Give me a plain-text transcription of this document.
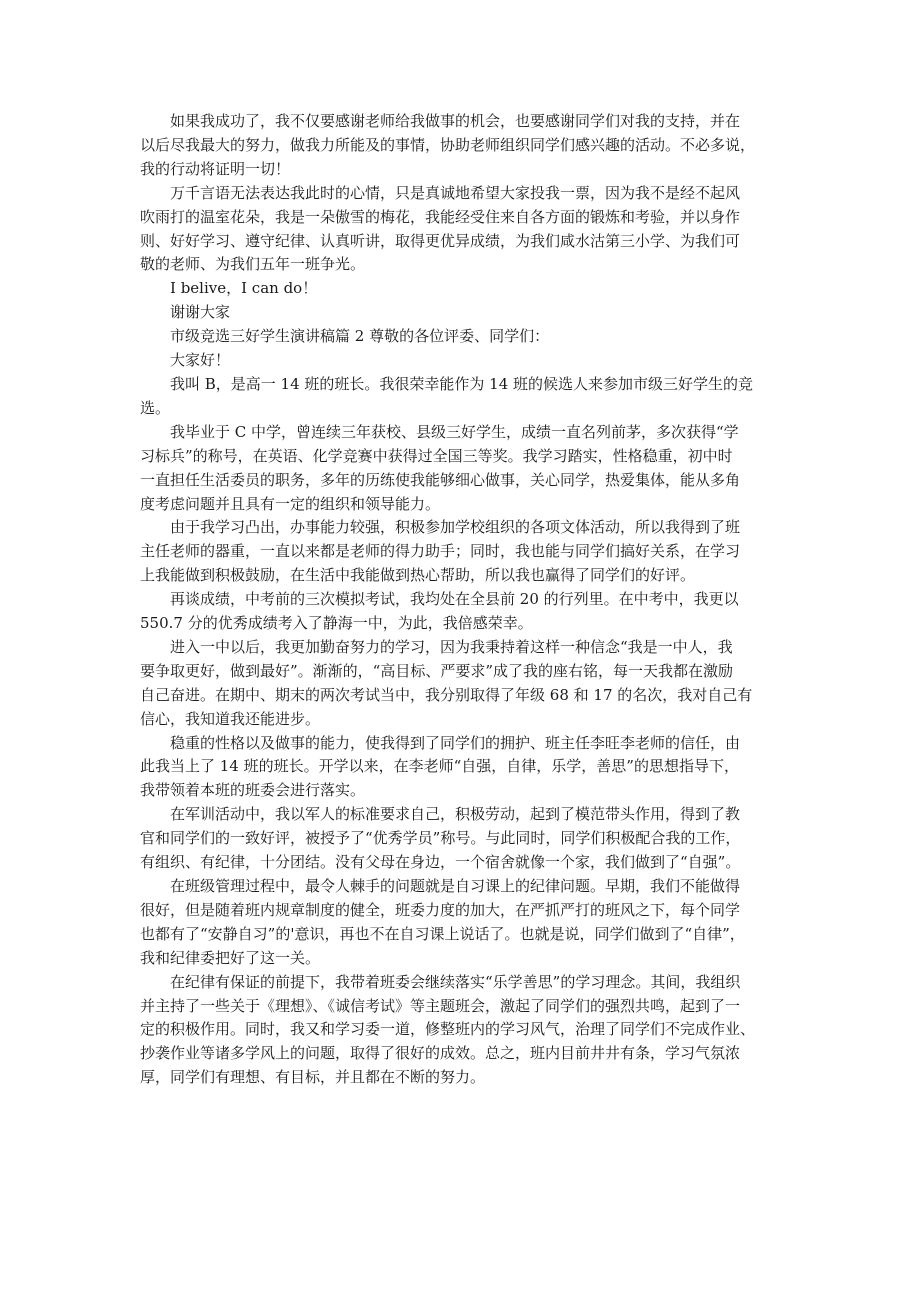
如果我成功了，我不仅要感谢老师给我做事的机会，也要感谢同学们对我的支持，并在
以后尽我最大的努力，做我力所能及的事情，协助老师组织同学们感兴趣的活动。不必多说，
我的行动将证明一切！
万千言语无法表达我此时的心情，只是真诚地希望大家投我一票，因为我不是经不起风
吹雨打的温室花朵，我是一朵傲雪的梅花，我能经受住来自各方面的锻炼和考验，并以身作
则、好好学习、遵守纪律、认真听讲，取得更优异成绩，为我们咸水沽第三小学、为我们可
敬的老师、为我们五年一班争光。
I belive，I can do！
谢谢大家
市级竞选三好学生演讲稿篇 2 尊敬的各位评委、同学们：
大家好！
我叫 B，是高一 14 班的班长。我很荣幸能作为 14 班的候选人来参加市级三好学生的竞
选。
我毕业于 C 中学，曾连续三年获校、县级三好学生，成绩一直名列前茅，多次获得“学
习标兵”的称号，在英语、化学竞赛中获得过全国三等奖。我学习踏实，性格稳重，初中时
一直担任生活委员的职务，多年的历练使我能够细心做事，关心同学，热爱集体，能从多角
度考虑问题并且具有一定的组织和领导能力。
由于我学习凸出，办事能力较强，积极参加学校组织的各项文体活动，所以我得到了班
主任老师的器重，一直以来都是老师的得力助手；同时，我也能与同学们搞好关系，在学习
上我能做到积极鼓励，在生活中我能做到热心帮助，所以我也赢得了同学们的好评。
再谈成绩，中考前的三次模拟考试，我均处在全县前 20 的行列里。在中考中，我更以
550.7 分的优秀成绩考入了静海一中，为此，我倍感荣幸。
进入一中以后，我更加勤奋努力的学习，因为我秉持着这样一种信念“我是一中人，我
要争取更好，做到最好”。渐渐的，“高目标、严要求”成了我的座右铭，每一天我都在激励
自己奋进。在期中、期末的两次考试当中，我分别取得了年级 68 和 17 的名次，我对自己有
信心，我知道我还能进步。
稳重的性格以及做事的能力，使我得到了同学们的拥护、班主任李旺李老师的信任，由
此我当上了 14 班的班长。开学以来，在李老师“自强，自律，乐学，善思”的思想指导下，
我带领着本班的班委会进行落实。
在军训活动中，我以军人的标准要求自己，积极劳动，起到了模范带头作用，得到了教
官和同学们的一致好评，被授予了“优秀学员”称号。与此同时，同学们积极配合我的工作，
有组织、有纪律，十分团结。没有父母在身边，一个宿舍就像一个家，我们做到了“自强”。
在班级管理过程中，最令人棘手的问题就是自习课上的纪律问题。早期，我们不能做得
很好，但是随着班内规章制度的健全，班委力度的加大，在严抓严打的班风之下，每个同学
也都有了“安静自习”的'意识，再也不在自习课上说话了。也就是说，同学们做到了“自律”，
我和纪律委把好了这一关。
在纪律有保证的前提下，我带着班委会继续落实“乐学善思”的学习理念。其间，我组织
并主持了一些关于《理想》、《诚信考试》等主题班会，激起了同学们的强烈共鸣，起到了一
定的积极作用。同时，我又和学习委一道，修整班内的学习风气，治理了同学们不完成作业、
抄袭作业等诸多学风上的问题，取得了很好的成效。总之，班内目前井井有条，学习气氛浓
厚，同学们有理想、有目标，并且都在不断的努力。
